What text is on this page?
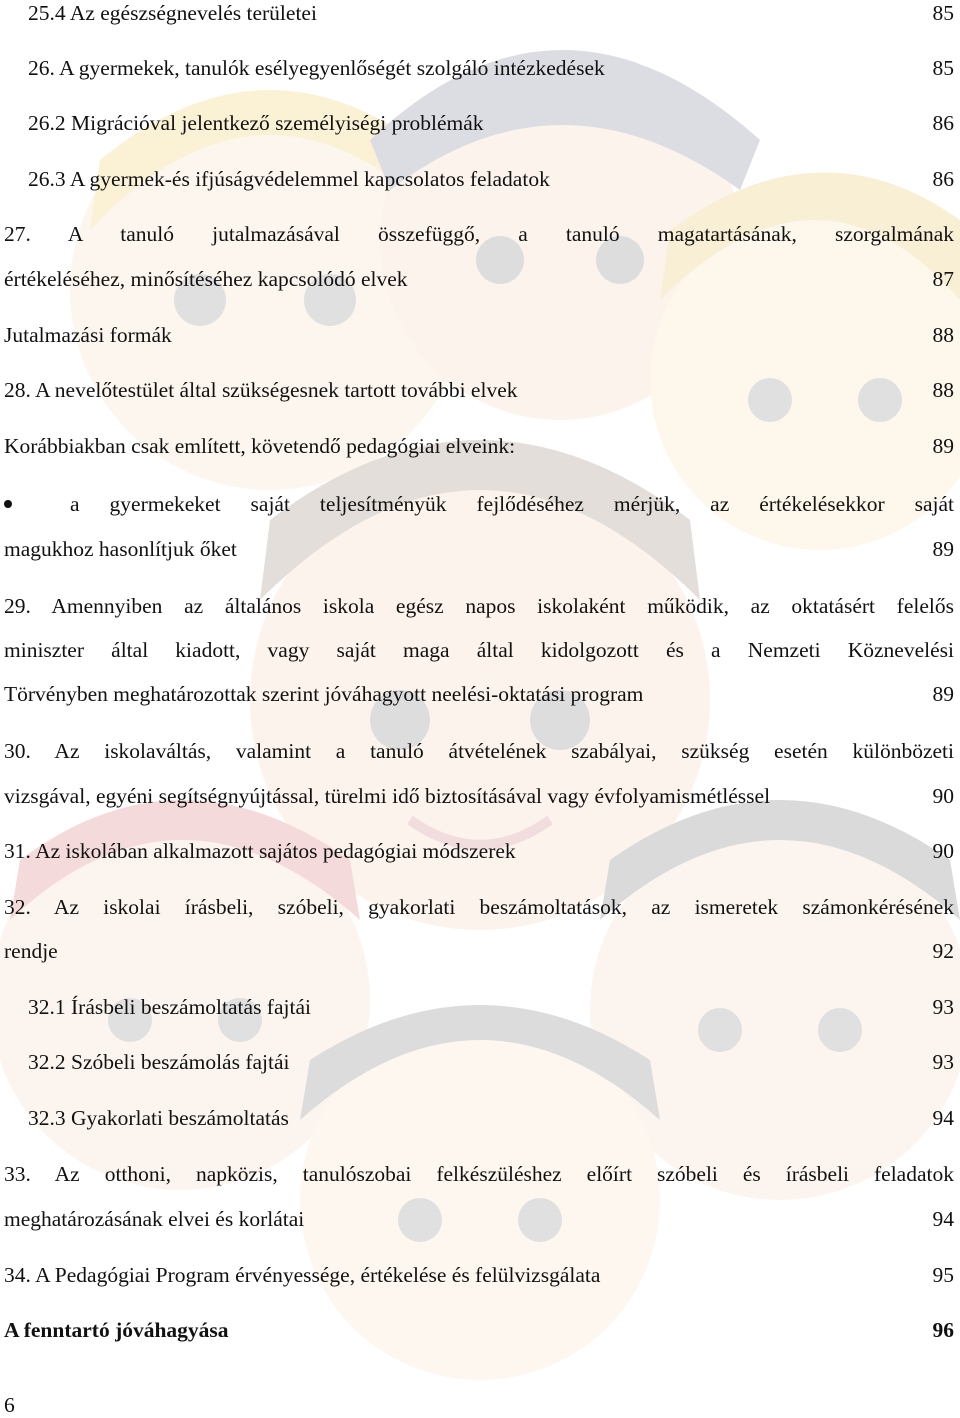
25.4 Az egészségnevelés területei	85
26. A gyermekek, tanulók esélyegyenlőségét szolgáló intézkedések	85
26.2 Migrációval jelentkező személyiségi problémák	86
26.3 A gyermek-és ifjúságvédelemmel kapcsolatos feladatok	86
27. A tanuló jutalmazásával összefüggő, a tanuló magatartásának, szorgalmának
értékeléséhez, minősítéséhez kapcsolódó elvek	87
Jutalmazási formák	88
28. A nevelőtestület által szükségesnek tartott további elvek	88
Korábbiakban csak említett, követendő pedagógiai elveink:	89
a gyermekeket saját teljesítményük fejlődéséhez mérjük, az értékelésekkor saját
magukhoz hasonlítjuk őket	89
29. Amennyiben az általános iskola egész napos iskolaként működik, az oktatásért felelős
miniszter által kiadott, vagy saját maga által kidolgozott és a Nemzeti Köznevelési
Törvényben meghatározottak szerint jóváhagyott neelési-oktatási program	89
30. Az iskolaváltás, valamint a tanuló átvételének szabályai, szükség esetén különbözeti
vizsgával, egyéni segítségnyújtással, türelmi idő biztosításával vagy évfolyamismétléssel	90
31. Az iskolában alkalmazott sajátos pedagógiai módszerek	90
32. Az iskolai írásbeli, szóbeli, gyakorlati beszámoltatások, az ismeretek számonkérésének
rendje	92
32.1 Írásbeli beszámoltatás fajtái	93
32.2 Szóbeli beszámolás fajtái	93
32.3 Gyakorlati beszámoltatás	94
33. Az otthoni, napközis, tanulószobai felkészüléshez előírt szóbeli és írásbeli feladatok
meghatározásának elvei és korlátai	94
34. A Pedagógiai Program érvényessége, értékelése és felülvizsgálata	95
A fenntartó jóváhagyása	96
6
